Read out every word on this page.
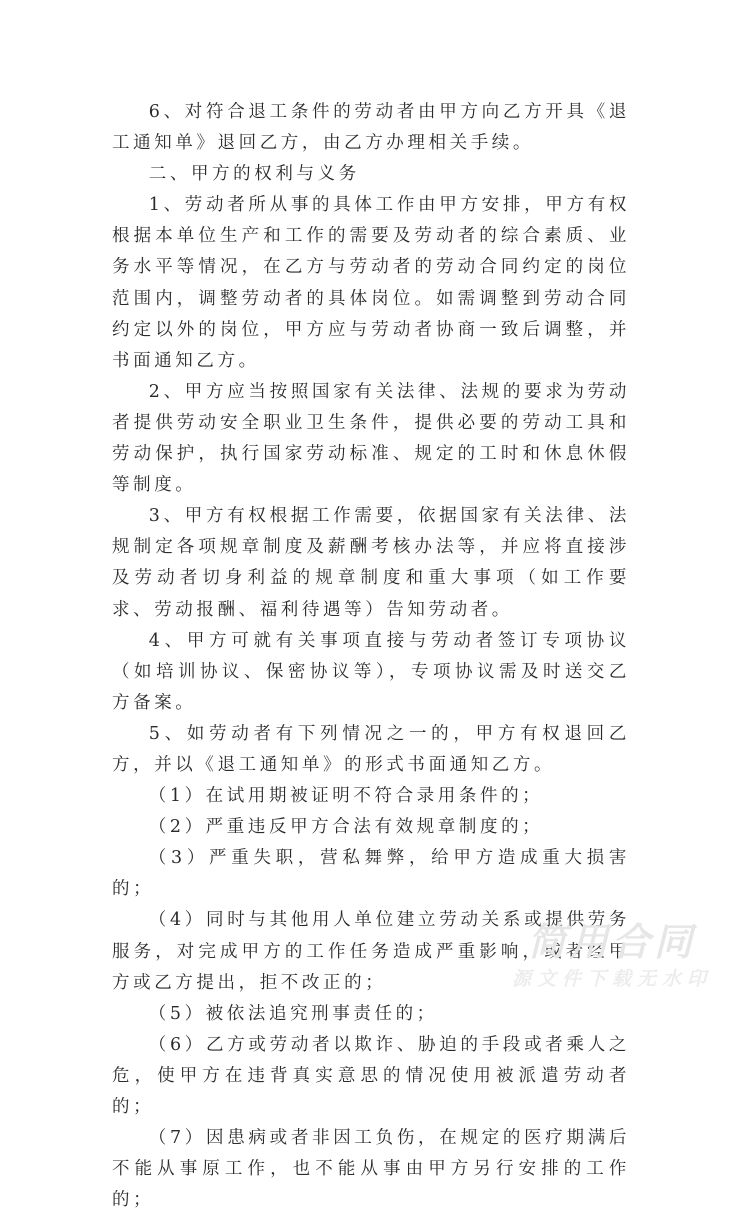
6、对符合退工条件的劳动者由甲方向乙方开具《退工通知单》退回乙方，由乙方办理相关手续。

二、甲方的权利与义务

1、劳动者所从事的具体工作由甲方安排，甲方有权根据本单位生产和工作的需要及劳动者的综合素质、业务水平等情况，在乙方与劳动者的劳动合同约定的岗位范围内，调整劳动者的具体岗位。如需调整到劳动合同约定以外的岗位，甲方应与劳动者协商一致后调整，并书面通知乙方。

2、甲方应当按照国家有关法律、法规的要求为劳动者提供劳动安全职业卫生条件，提供必要的劳动工具和劳动保护，执行国家劳动标准、规定的工时和休息休假等制度。

3、甲方有权根据工作需要，依据国家有关法律、法规制定各项规章制度及薪酬考核办法等，并应将直接涉及劳动者切身利益的规章制度和重大事项（如工作要求、劳动报酬、福利待遇等）告知劳动者。

4、甲方可就有关事项直接与劳动者签订专项协议（如培训协议、保密协议等），专项协议需及时送交乙方备案。

5、如劳动者有下列情况之一的，甲方有权退回乙方，并以《退工通知单》的形式书面通知乙方。

（1）在试用期被证明不符合录用条件的；

（2）严重违反甲方合法有效规章制度的；

（3）严重失职，营私舞弊，给甲方造成重大损害的；

（4）同时与其他用人单位建立劳动关系或提供劳务服务，对完成甲方的工作任务造成严重影响，或者经甲方或乙方提出，拒不改正的；

（5）被依法追究刑事责任的；

（6）乙方或劳动者以欺诈、胁迫的手段或者乘人之危，使甲方在违背真实意思的情况使用被派遣劳动者的；

（7）因患病或者非因工负伤，在规定的医疗期满后不能从事原工作，也不能从事由甲方另行安排的工作的；

简用合同
源文件下载无水印
